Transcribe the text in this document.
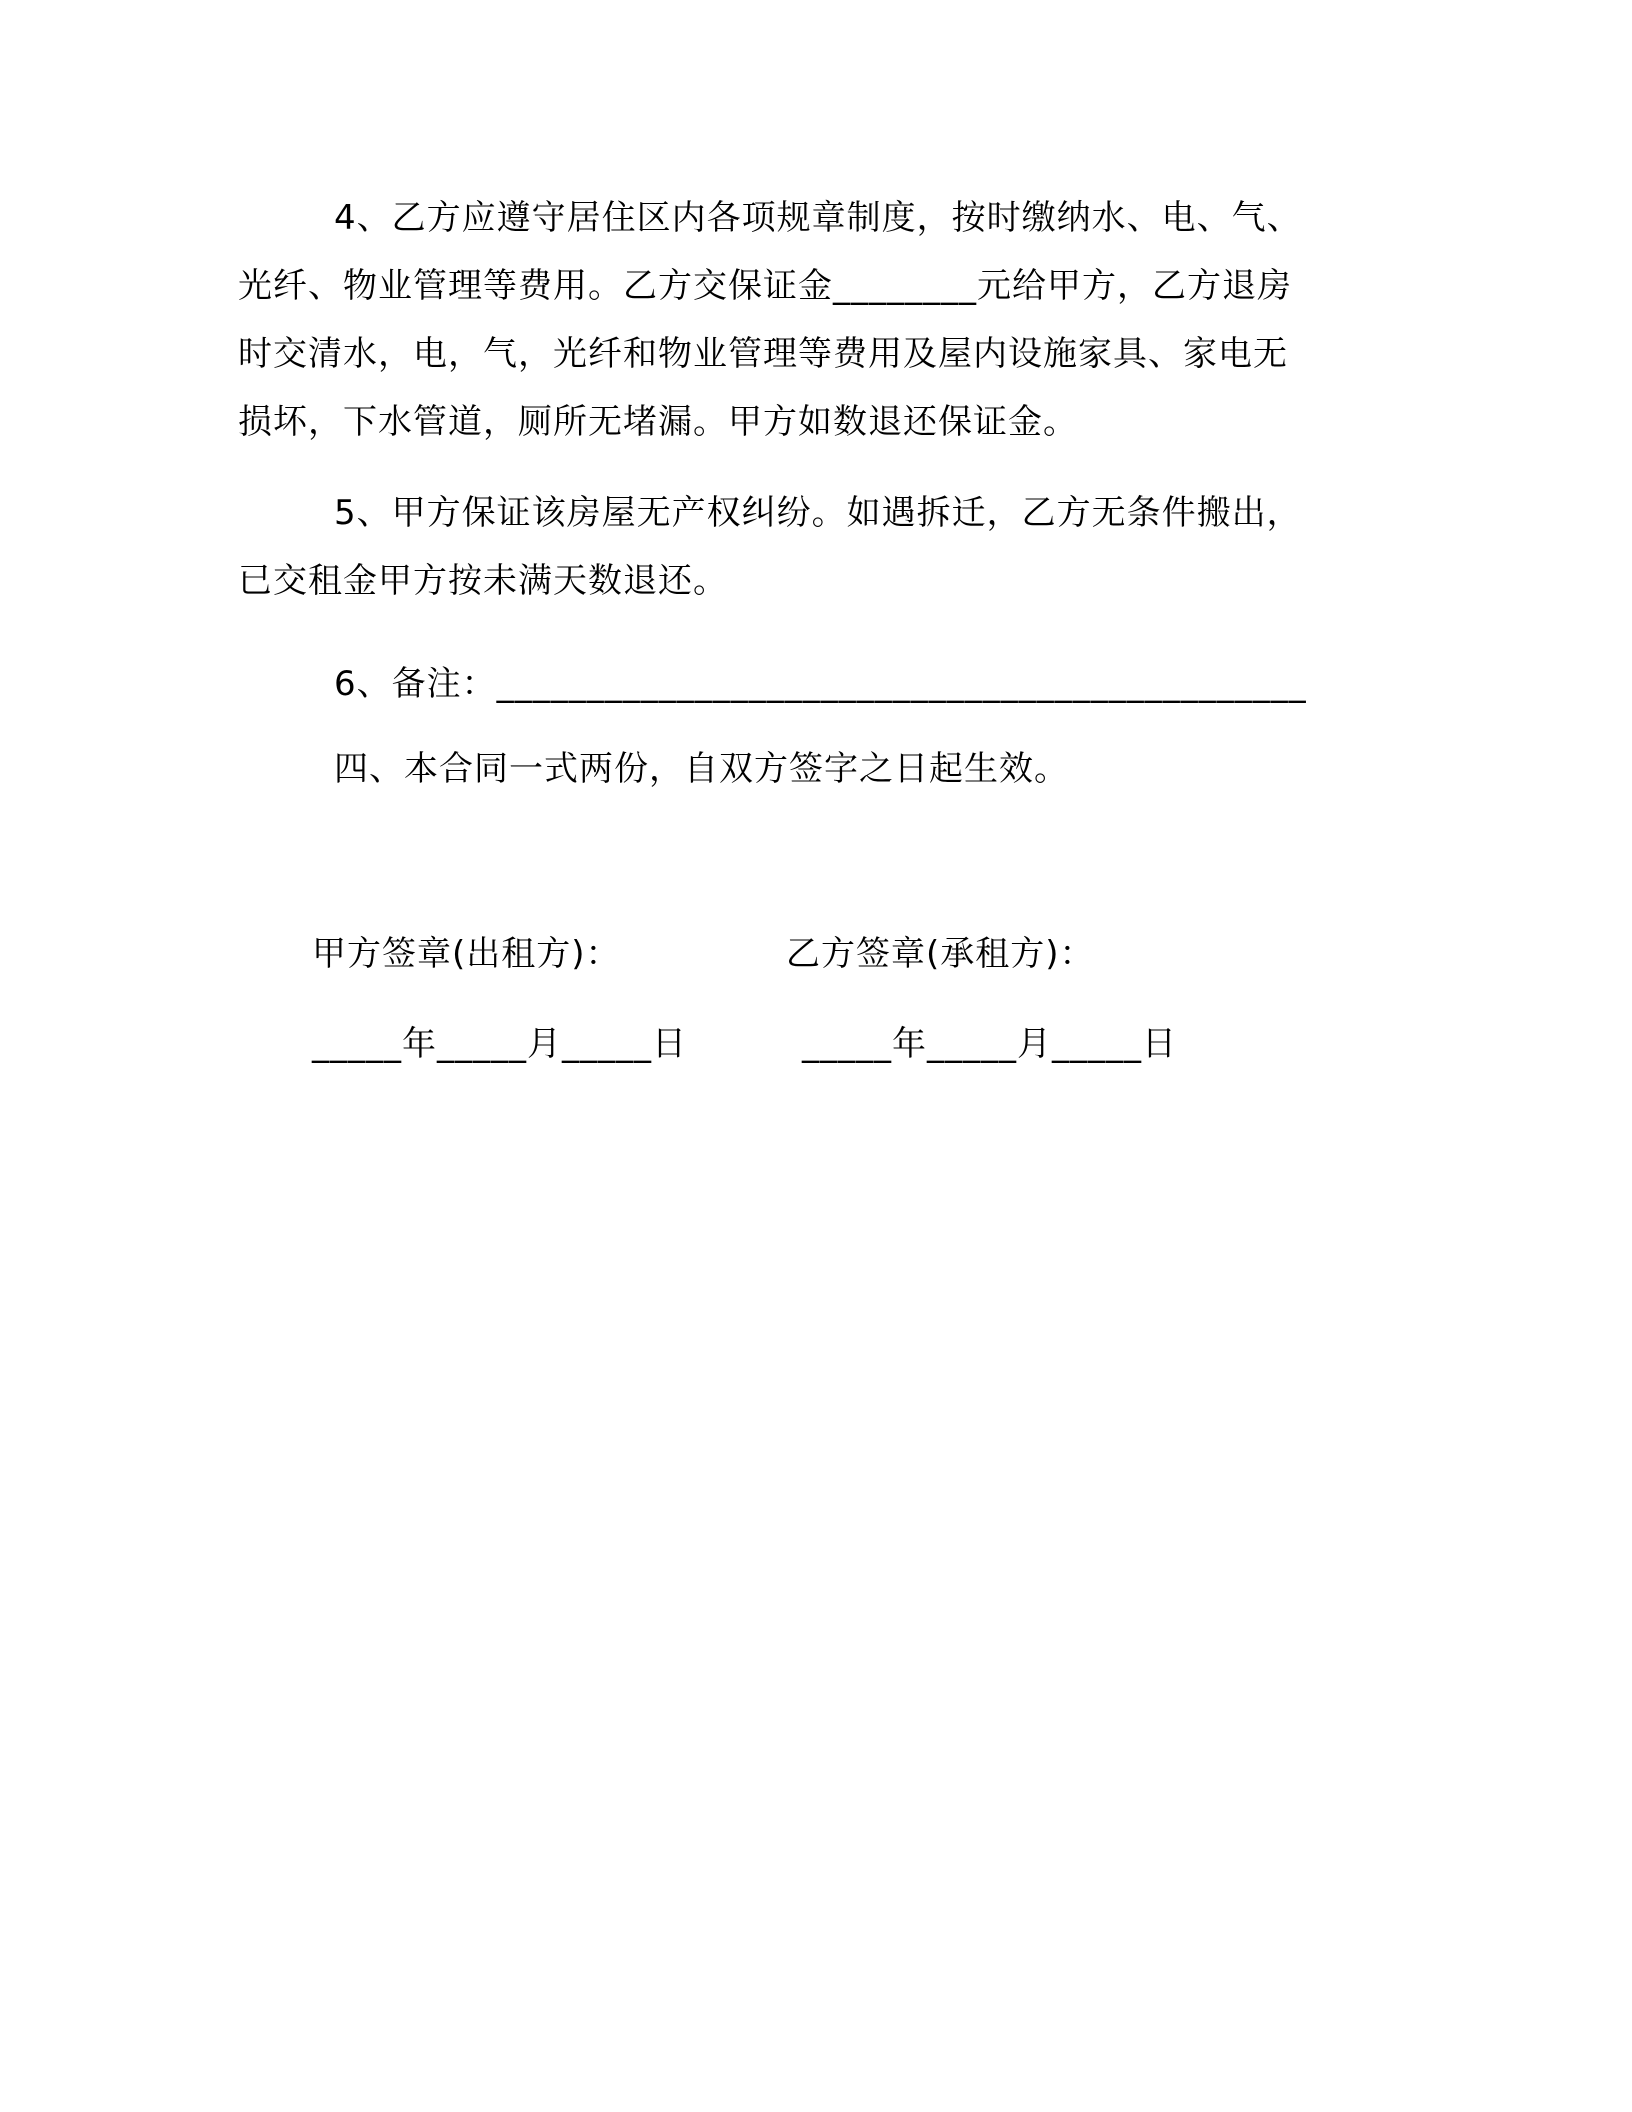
4、乙方应遵守居住区内各项规章制度，按时缴纳水、电、气、
光纤、物业管理等费用。乙方交保证金________元给甲方，乙方退房
时交清水，电，气，光纤和物业管理等费用及屋内设施家具、家电无
损坏，下水管道，厕所无堵漏。甲方如数退还保证金。
5、甲方保证该房屋无产权纠纷。如遇拆迁，乙方无条件搬出，
已交租金甲方按未满天数退还。
6、备注：_____________________________________________
四、本合同一式两份，自双方签字之日起生效。
甲方签章(出租方)：	乙方签章(承租方)：
_____年_____月_____日	_____年_____月_____日
